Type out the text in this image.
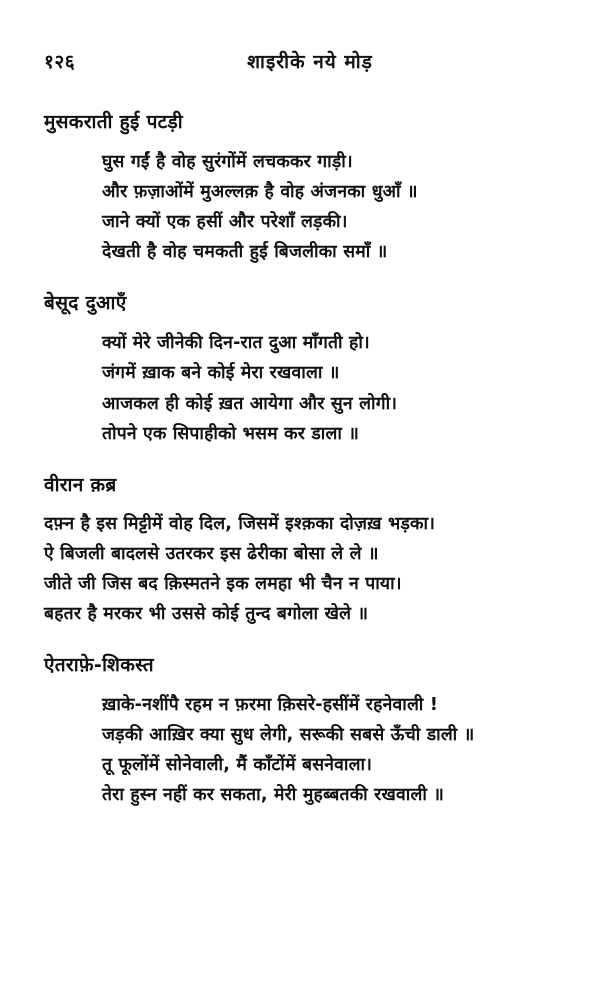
१२६	शाइरीके नये मोड़
मुसकराती हुई पटड़ी
घुस गईं है वोह सुरंगोंमें लचककर गाड़ी।
और फ़ज़ाओंमें मुअल्लक़ है वोह अंजनका धुआँ ॥
जाने क्यों एक हसीं और परेशाँ लड़की।
देखती है वोह चमकती हुई बिजलीका समाँ ॥
बेसूद दुआएँ
क्यों मेरे जीनेकी दिन-रात दुआ माँगती हो।
जंगमें ख़ाक बने कोई मेरा रखवाला ॥
आजकल ही कोई ख़त आयेगा और सुन लोगी।
तोपने एक सिपाहीको भसम कर डाला ॥
वीरान क़ब्र
दफ़्न है इस मिट्टीमें वोह दिल, जिसमें इश्क़का दोज़ख़ भड़का।
ऐ बिजली बादलसे उतरकर इस ढेरीका बोसा ले ले ॥
जीते जी जिस बद क़िस्मतने इक लमहा भी चैन न पाया।
बहतर है मरकर भी उससे कोई तुन्द बगोला खेले ॥
ऐतराफ़े-शिकस्त
ख़ाके-नशींपै रहम न फ़रमा क़िसरे-हसींमें रहनेवाली !
जड़की आख़िर क्या सुध लेगी, सरूकी सबसे ऊँची डाली ॥
तू फूलोंमें सोनेवाली, मैं काँटोंमें बसनेवाला।
तेरा हुस्न नहीं कर सकता, मेरी मुहब्बतकी रखवाली ॥
